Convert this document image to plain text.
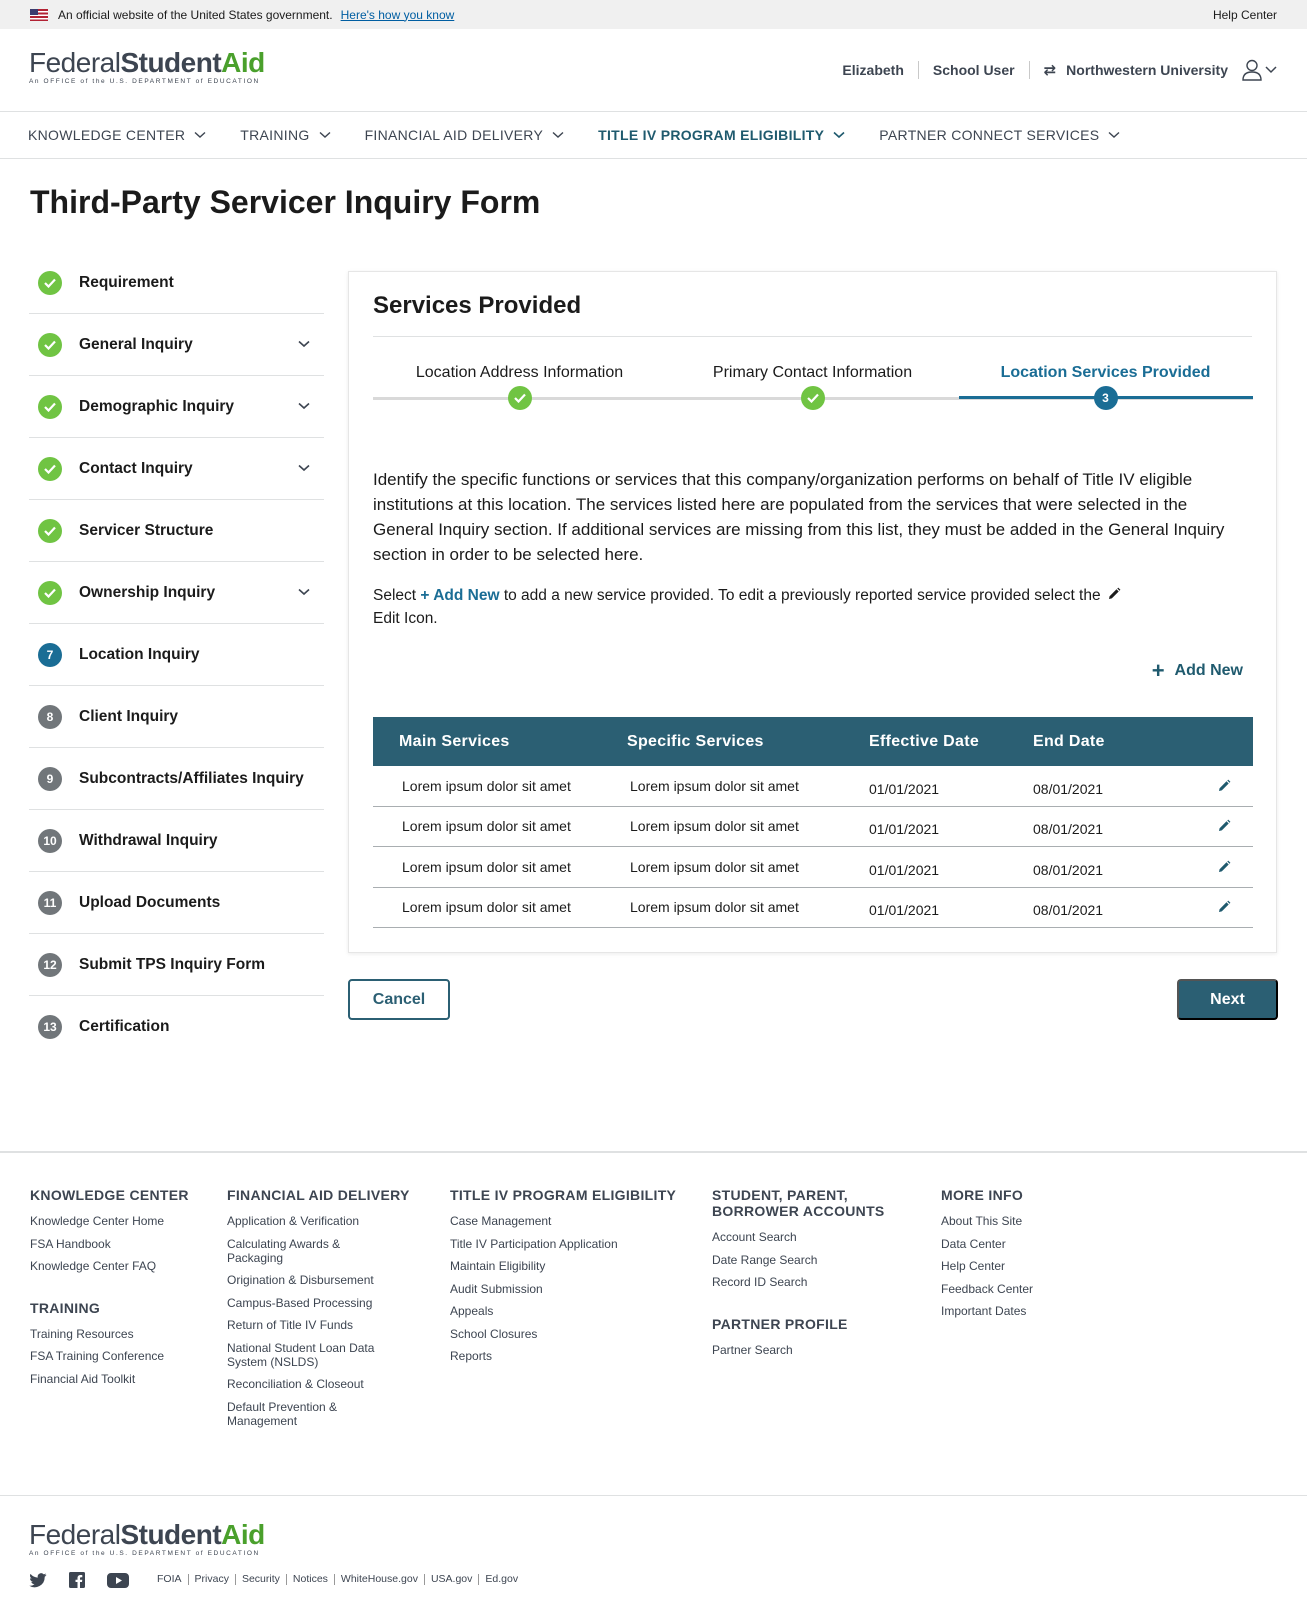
An official website of the United States government. Here's how you know	Help Center
FederalStudentAid
An OFFICE of the U.S. DEPARTMENT of EDUCATION
Elizabeth School User ⇄ Northwestern University
KNOWLEDGE CENTER	TRAINING	FINANCIAL AID DELIVERY	TITLE IV PROGRAM ELIGIBILITY	PARTNER CONNECT SERVICES
Third-Party Servicer Inquiry Form
Requirement
General Inquiry
Demographic Inquiry
Contact Inquiry
Servicer Structure
Ownership Inquiry
7	Location Inquiry
8	Client Inquiry
9	Subcontracts/Affiliates Inquiry
10	Withdrawal Inquiry
11	Upload Documents
12	Submit TPS Inquiry Form
13	Certification
Services Provided
Location Address Information	Primary Contact Information	Location Services Provided
3

Identify the specific functions or services that this company/organization performs on behalf of Title IV eligible institutions at this location. The services listed here are populated from the services that were selected in the General Inquiry section. If additional services are missing from this list, they must be added in the General Inquiry section in order to be selected here.

Select + Add New to add a new service provided. To edit a previously reported service provided select the  Edit Icon.

+ Add New
Main Services	Specific Services	Effective Date	End Date
Lorem ipsum dolor sit amet	Lorem ipsum dolor sit amet	01/01/2021	08/01/2021
Lorem ipsum dolor sit amet	Lorem ipsum dolor sit amet	01/01/2021	08/01/2021
Lorem ipsum dolor sit amet	Lorem ipsum dolor sit amet	01/01/2021	08/01/2021
Lorem ipsum dolor sit amet	Lorem ipsum dolor sit amet	01/01/2021	08/01/2021
Cancel	Next
KNOWLEDGE CENTER
Knowledge Center Home
FSA Handbook
Knowledge Center FAQ
TRAINING
Training Resources
FSA Training Conference
Financial Aid Toolkit
FINANCIAL AID DELIVERY
Application & Verification
Calculating Awards & Packaging
Origination & Disbursement
Campus-Based Processing
Return of Title IV Funds
National Student Loan Data System (NSLDS)
Reconciliation & Closeout
Default Prevention & Management
TITLE IV PROGRAM ELIGIBILITY
Case Management
Title IV Participation Application
Maintain Eligibility
Audit Submission
Appeals
School Closures
Reports
STUDENT, PARENT, BORROWER ACCOUNTS
Account Search
Date Range Search
Record ID Search
PARTNER PROFILE
Partner Search
MORE INFO
About This Site
Data Center
Help Center
Feedback Center
Important Dates
FederalStudentAid
An OFFICE of the U.S. DEPARTMENT of EDUCATION
FOIA	Privacy	Security	Notices	WhiteHouse.gov	USA.gov	Ed.gov
